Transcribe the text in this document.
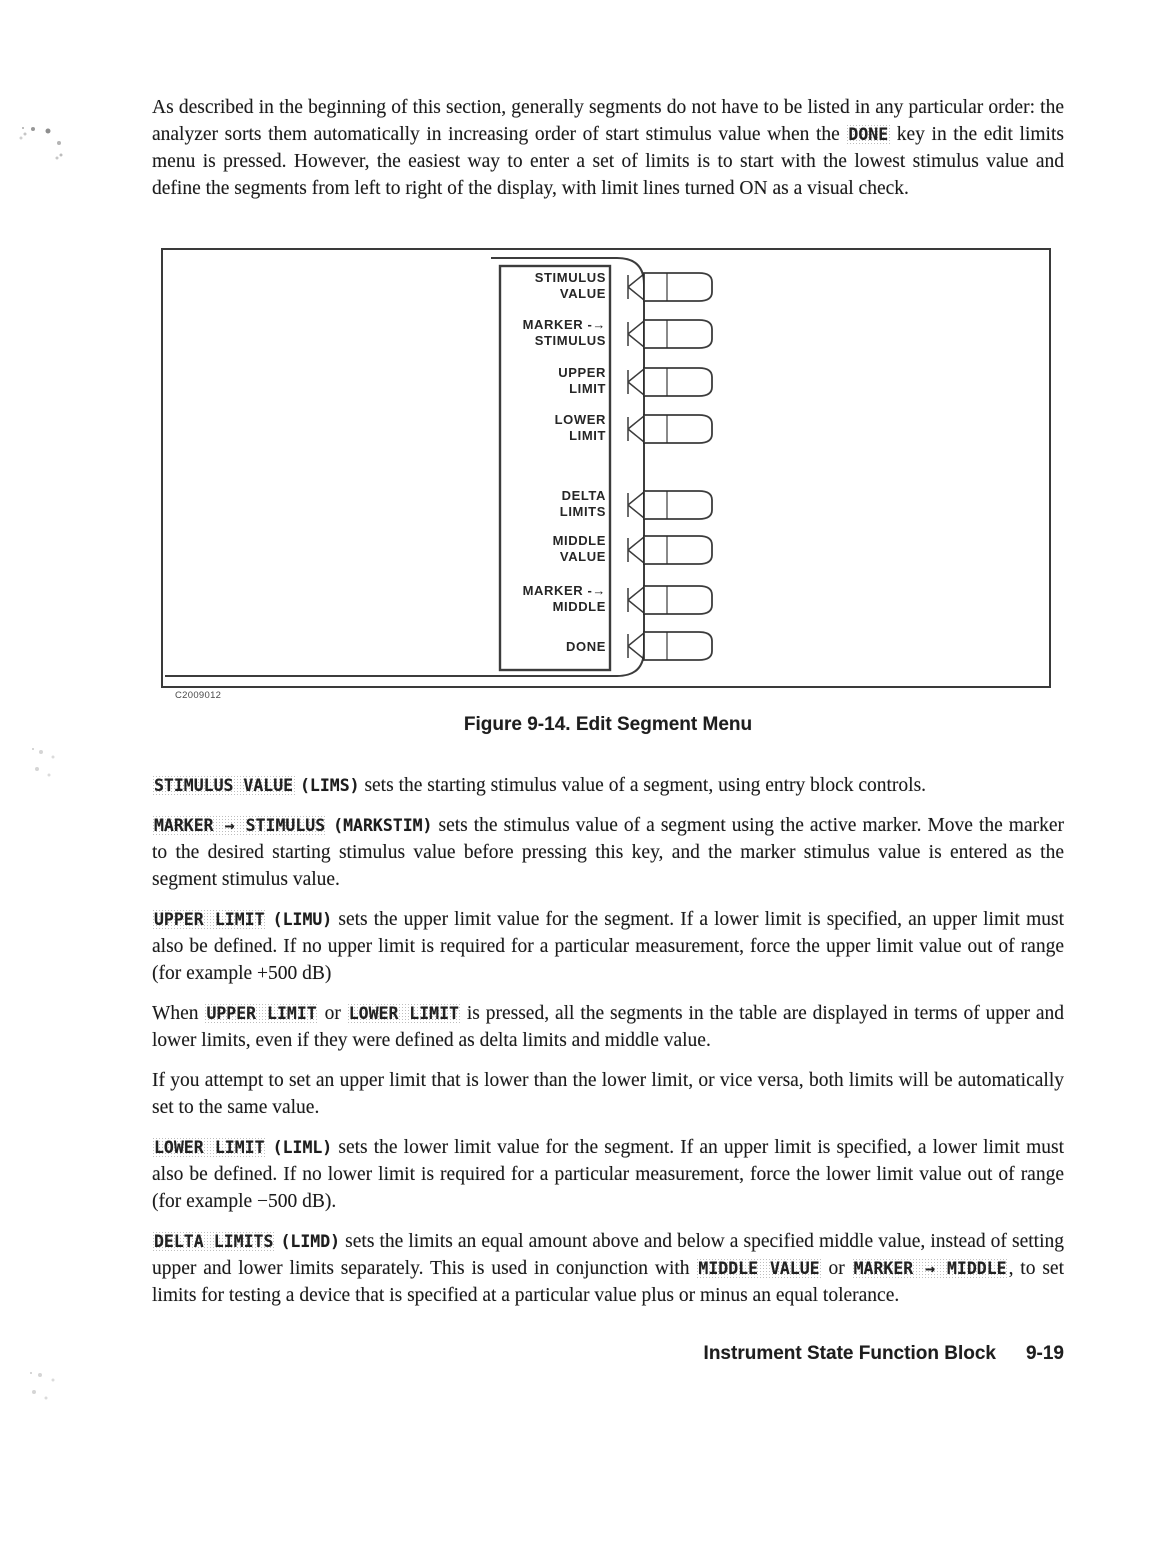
As described in the beginning of this section, generally segments do not have to be listed in any particular order: the analyzer sorts them automatically in increasing order of start stimulus value when the DONE key in the edit limits menu is pressed. However, the easiest way to enter a set of limits is to start with the lowest stimulus value and define the segments from left to right of the display, with limit lines turned ON as a visual check.

STIMULUS
VALUE
MARKER -→
STIMULUS
UPPER
LIMIT
LOWER
LIMIT
DELTA
LIMITS
MIDDLE
VALUE
MARKER -→
MIDDLE
DONE
C2009012
Figure 9-14. Edit Segment Menu

STIMULUS VALUE (LIMS) sets the starting stimulus value of a segment, using entry block controls.

MARKER → STIMULUS (MARKSTIM) sets the stimulus value of a segment using the active marker. Move the marker to the desired starting stimulus value before pressing this key, and the marker stimulus value is entered as the segment stimulus value.

UPPER LIMIT (LIMU) sets the upper limit value for the segment. If a lower limit is specified, an upper limit must also be defined. If no upper limit is required for a particular measurement, force the upper limit value out of range (for example +500 dB)

When UPPER LIMIT or LOWER LIMIT is pressed, all the segments in the table are displayed in terms of upper and lower limits, even if they were defined as delta limits and middle value.

If you attempt to set an upper limit that is lower than the lower limit, or vice versa, both limits will be automatically set to the same value.

LOWER LIMIT (LIML) sets the lower limit value for the segment. If an upper limit is specified, a lower limit must also be defined. If no lower limit is required for a particular measurement, force the lower limit value out of range (for example −500 dB).

DELTA LIMITS (LIMD) sets the limits an equal amount above and below a specified middle value, instead of setting upper and lower limits separately. This is used in conjunction with MIDDLE VALUE or MARKER → MIDDLE , to set limits for testing a device that is specified at a particular value plus or minus an equal tolerance.

Instrument State Function Block 9-19
